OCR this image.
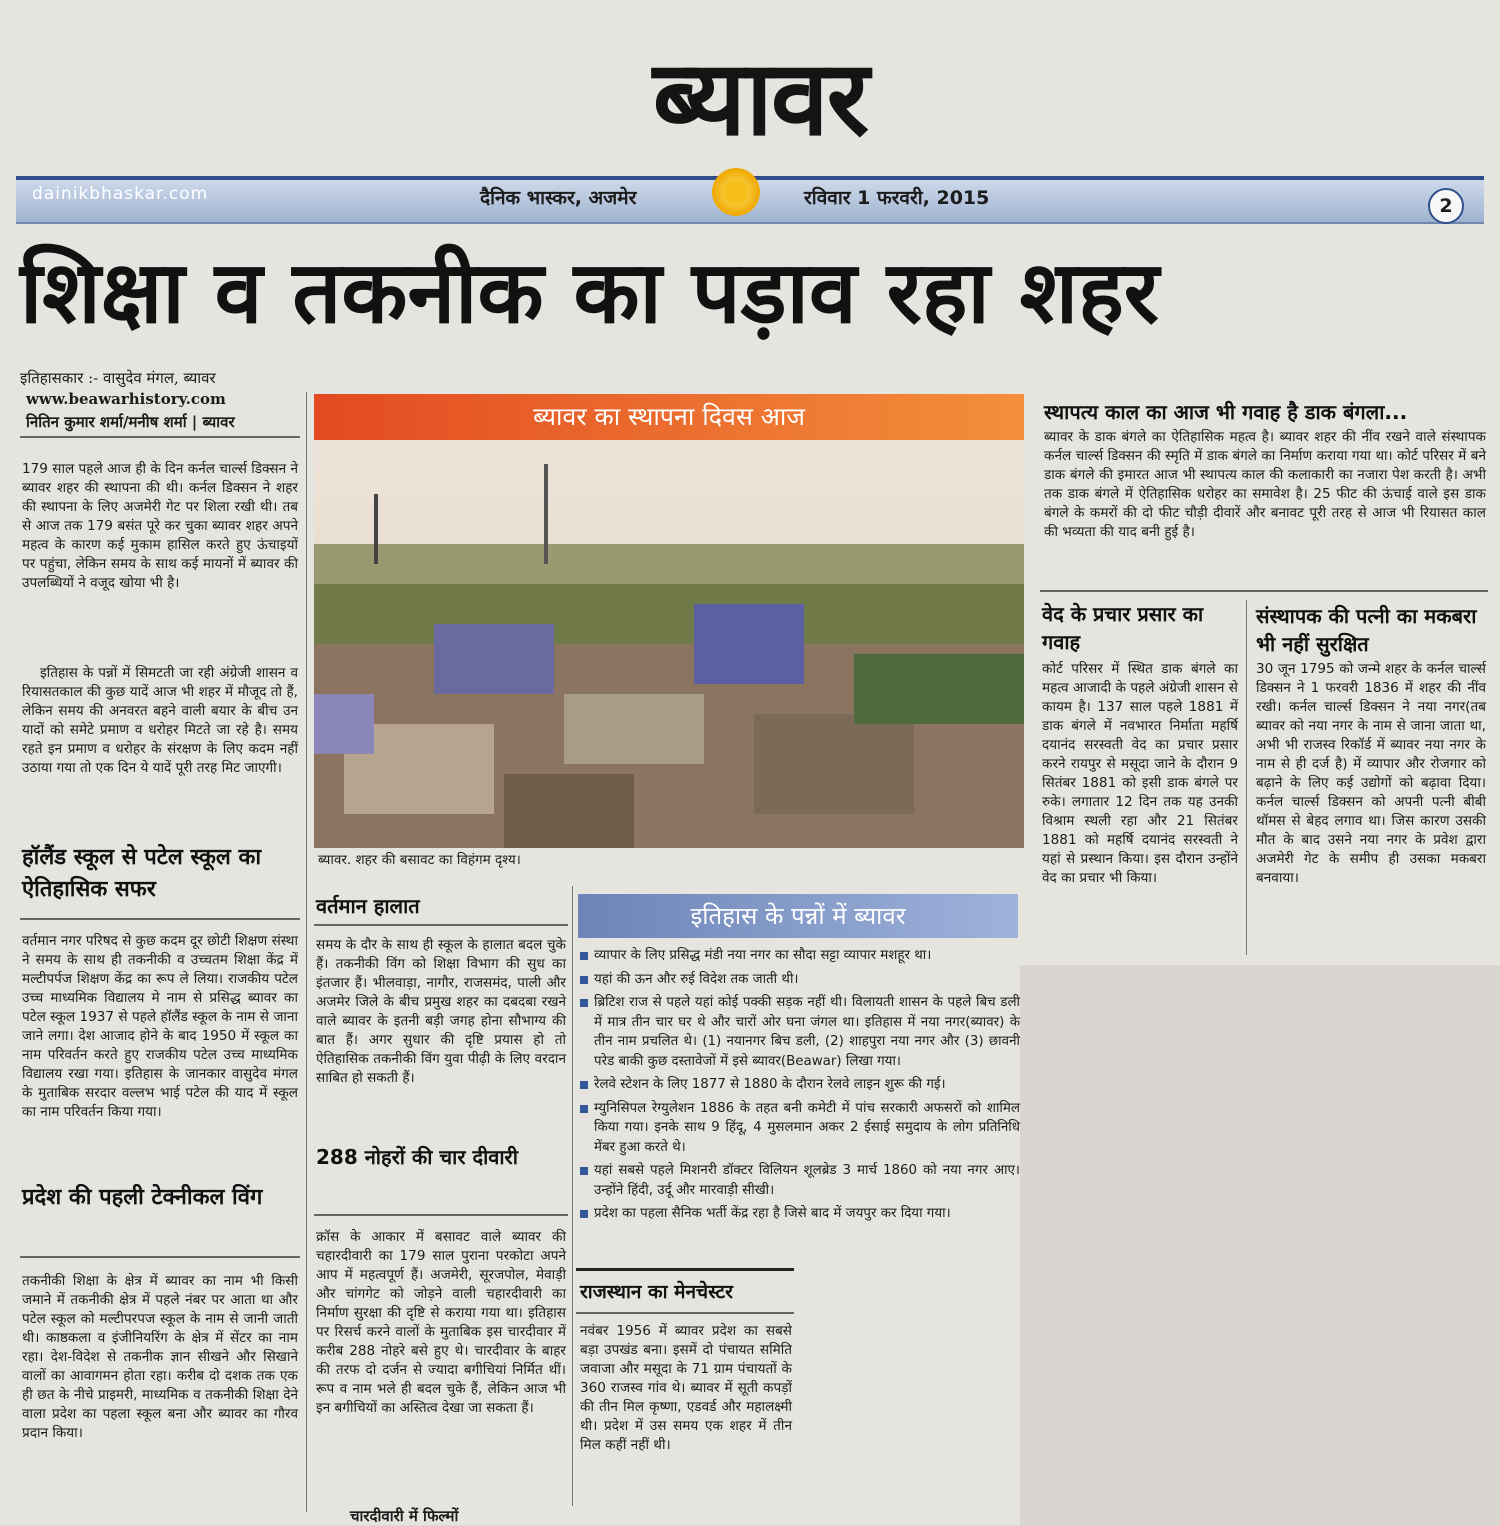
ब्यावर
dainikbhaskar.com	दैनिक भास्कर, अजमेर	रविवार 1 फरवरी, 2015	2
शिक्षा व तकनीक का पड़ाव रहा शहर
इतिहासकार :- वासुदेव मंगल, ब्यावर
www.beawarhistory.com
नितिन कुमार शर्मा/मनीष शर्मा | ब्यावर
179 साल पहले आज ही के दिन कर्नल चार्ल्स डिक्सन ने ब्यावर शहर की स्थापना की थी। कर्नल डिक्सन ने शहर की स्थापना के लिए अजमेरी गेट पर शिला रखी थी। तब से आज तक 179 बसंत पूरे कर चुका ब्यावर शहर अपने महत्व के कारण कई मुकाम हासिल करते हुए ऊंचाइयों पर पहुंचा, लेकिन समय के साथ कई मायनों में ब्यावर की उपलब्धियों ने वजूद खोया भी है।
इतिहास के पन्नों में सिमटती जा रही अंग्रेजी शासन व रियासतकाल की कुछ यादें आज भी शहर में मौजूद तो हैं, लेकिन समय की अनवरत बहने वाली बयार के बीच उन यादों को समेटे प्रमाण व धरोहर मिटते जा रहे है। समय रहते इन प्रमाण व धरोहर के संरक्षण के लिए कदम नहीं उठाया गया तो एक दिन ये यादें पूरी तरह मिट जाएगी।
हॉलैंड स्कूल से पटेल स्कूल का ऐतिहासिक सफर
वर्तमान नगर परिषद से कुछ कदम दूर छोटी शिक्षण संस्था ने समय के साथ ही तकनीकी व उच्चतम शिक्षा केंद्र में मल्टीपर्पज शिक्षण केंद्र का रूप ले लिया। राजकीय पटेल उच्च माध्यमिक विद्यालय मे नाम से प्रसिद्ध ब्यावर का पटेल स्कूल 1937 से पहले हॉलैंड स्कूल के नाम से जाना जाने लगा। देश आजाद होने के बाद 1950 में स्कूल का नाम परिवर्तन करते हुए राजकीय पटेल उच्च माध्यमिक विद्यालय रखा गया। इतिहास के जानकार वासुदेव मंगल के मुताबिक सरदार वल्लभ भाई पटेल की याद में स्कूल का नाम परिवर्तन किया गया।
प्रदेश की पहली टेक्नीकल विंग
तकनीकी शिक्षा के क्षेत्र में ब्यावर का नाम भी किसी जमाने में तकनीकी क्षेत्र में पहले नंबर पर आता था और पटेल स्कूल को मल्टीपरपज स्कूल के नाम से जानी जाती थी। काष्ठकला व इंजीनियरिंग के क्षेत्र में सेंटर का नाम रहा। देश-विदेश से तकनीक ज्ञान सीखने और सिखाने वालों का आवागमन होता रहा। करीब दो दशक तक एक ही छत के नीचे प्राइमरी, माध्यमिक व तकनीकी शिक्षा देने वाला प्रदेश का पहला स्कूल बना और ब्यावर का गौरव प्रदान किया।
ब्यावर का स्थापना दिवस आज
ब्यावर. शहर की बसावट का विहंगम दृश्य।
वर्तमान हालात
समय के दौर के साथ ही स्कूल के हालात बदल चुके हैं। तकनीकी विंग को शिक्षा विभाग की सुध का इंतजार हैं। भीलवाड़ा, नागौर, राजसमंद, पाली और अजमेर जिले के बीच प्रमुख शहर का दबदबा रखने वाले ब्यावर के इतनी बड़ी जगह होना सौभाग्य की बात हैं। अगर सुधार की दृष्टि प्रयास हो तो ऐतिहासिक तकनीकी विंग युवा पीढ़ी के लिए वरदान साबित हो सकती हैं।
288 नोहरों की चार दीवारी
क्रॉस के आकार में बसावट वाले ब्यावर की चहारदीवारी का 179 साल पुराना परकोटा अपने आप में महत्वपूर्ण हैं। अजमेरी, सूरजपोल, मेवाड़ी और चांगगेट को जोड़ने वाली चहारदीवारी का निर्माण सुरक्षा की दृष्टि से कराया गया था। इतिहास पर रिसर्च करने वालों के मुताबिक इस चारदीवार में करीब 288 नोहरे बसे हुए थे। चारदीवार के बाहर की तरफ दो दर्जन से ज्यादा बगीचियां निर्मित थीं। रूप व नाम भले ही बदल चुके हैं, लेकिन आज भी इन बगीचियों का अस्तित्व देखा जा सकता हैं।
चारदीवारी में फिल्मों
इतिहास के पन्नों में ब्यावर
व्यापार के लिए प्रसिद्ध मंडी नया नगर का सौदा सट्टा व्यापार मशहूर था।
यहां की ऊन और रुई विदेश तक जाती थी।
ब्रिटिश राज से पहले यहां कोई पक्की सड़क नहीं थी। विलायती शासन के पहले बिच डली में मात्र तीन चार घर थे और चारों ओर घना जंगल था। इतिहास में नया नगर(ब्यावर) के तीन नाम प्रचलित थे। (1) नयानगर बिच डली, (2) शाहपुरा नया नगर और (3) छावनी परेड बाकी कुछ दस्तावेजों में इसे ब्यावर(Beawar) लिखा गया।
रेलवे स्टेशन के लिए 1877 से 1880 के दौरान रेलवे लाइन शुरू की गई।
म्युनिसिपल रेग्युलेशन 1886 के तहत बनी कमेटी में पांच सरकारी अफसरों को शामिल किया गया। इनके साथ 9 हिंदू, 4 मुसलमान अकर 2 ईसाई समुदाय के लोग प्रतिनिधि मेंबर हुआ करते थे।
यहां सबसे पहले मिशनरी डॉक्टर विलियन शूलब्रेड 3 मार्च 1860 को नया नगर आए। उन्होंने हिंदी, उर्दू और मारवाड़ी सीखी।
प्रदेश का पहला सैनिक भर्ती केंद्र रहा है जिसे बाद में जयपुर कर दिया गया।
राजस्थान का मेनचेस्टर
नवंबर 1956 में ब्यावर प्रदेश का सबसे बड़ा उपखंड बना। इसमें दो पंचायत समिति जवाजा और मसूदा के 71 ग्राम पंचायतों के 360 राजस्व गांव थे। ब्यावर में सूती कपड़ों की तीन मिल कृष्णा, एडवर्ड और महालक्ष्मी थी। प्रदेश में उस समय एक शहर में तीन मिल कहीं नहीं थी।
स्थापत्य काल का आज भी गवाह है डाक बंगला...
ब्यावर के डाक बंगले का ऐतिहासिक महत्व है। ब्यावर शहर की नींव रखने वाले संस्थापक कर्नल चार्ल्स डिक्सन की स्मृति में डाक बंगले का निर्माण कराया गया था। कोर्ट परिसर में बने डाक बंगले की इमारत आज भी स्थापत्य काल की कलाकारी का नजारा पेश करती है। अभी तक डाक बंगले में ऐतिहासिक धरोहर का समावेश है। 25 फीट की ऊंचाई वाले इस डाक बंगले के कमरों की दो फीट चौड़ी दीवारें और बनावट पूरी तरह से आज भी रियासत काल की भव्यता की याद बनी हुई है।
वेद के प्रचार प्रसार का गवाह
कोर्ट परिसर में स्थित डाक बंगले का महत्व आजादी के पहले अंग्रेजी शासन से कायम है। 137 साल पहले 1881 में डाक बंगले में नवभारत निर्माता महर्षि दयानंद सरस्वती वेद का प्रचार प्रसार करने रायपुर से मसूदा जाने के दौरान 9 सितंबर 1881 को इसी डाक बंगले पर रुके। लगातार 12 दिन तक यह उनकी विश्राम स्थली रहा और 21 सितंबर 1881 को महर्षि दयानंद सरस्वती ने यहां से प्रस्थान किया। इस दौरान उन्होंने वेद का प्रचार भी किया।
संस्थापक की पत्नी का मकबरा भी नहीं सुरक्षित
30 जून 1795 को जन्मे शहर के कर्नल चार्ल्स डिक्सन ने 1 फरवरी 1836 में शहर की नींव रखी। कर्नल चार्ल्स डिक्सन ने नया नगर(तब ब्यावर को नया नगर के नाम से जाना जाता था, अभी भी राजस्व रिकॉर्ड में ब्यावर नया नगर के नाम से ही दर्ज है) में व्यापार और रोजगार को बढ़ाने के लिए कई उद्योगों को बढ़ावा दिया। कर्नल चार्ल्स डिक्सन को अपनी पत्नी बीबी थॉमस से बेहद लगाव था। जिस कारण उसकी मौत के बाद उसने नया नगर के प्रवेश द्वारा अजमेरी गेट के समीप ही उसका मकबरा बनवाया।
